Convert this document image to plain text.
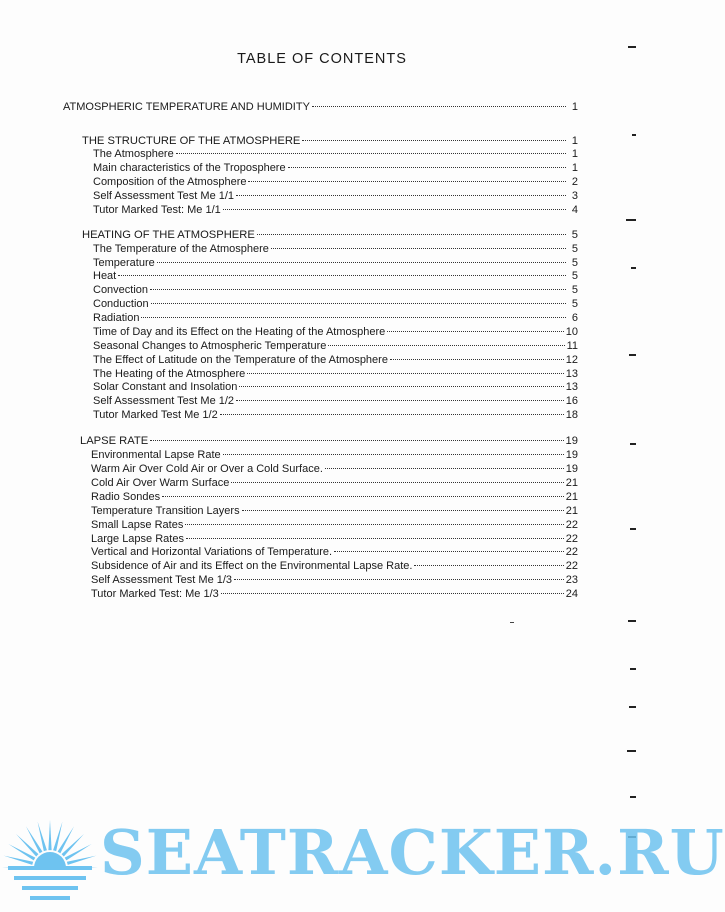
TABLE OF CONTENTS
ATMOSPHERIC TEMPERATURE AND HUMIDITY	1
THE STRUCTURE OF THE ATMOSPHERE	1
The Atmosphere	1
Main characteristics of the Troposphere	1
Composition of the Atmosphere	2
Self Assessment Test Me 1/1	3
Tutor Marked Test: Me 1/1	4
HEATING OF THE ATMOSPHERE	5
The Temperature of the Atmosphere	5
Temperature	5
Heat	5
Convection	5
Conduction	5
Radiation	6
Time of Day and its Effect on the Heating of the Atmosphere	10
Seasonal Changes to Atmospheric Temperature	11
The Effect of Latitude on the Temperature of the Atmosphere	12
The Heating of the Atmosphere	13
Solar Constant and Insolation	13
Self Assessment Test Me 1/2	16
Tutor Marked Test Me 1/2	18
LAPSE RATE	19
Environmental Lapse Rate	19
Warm Air Over Cold Air or Over a Cold Surface.	19
Cold Air Over Warm Surface	21
Radio Sondes	21
Temperature Transition Layers	21
Small Lapse Rates	22
Large Lapse Rates	22
Vertical and Horizontal Variations of Temperature.	22
Subsidence of Air and its Effect on the Environmental Lapse Rate.	22
Self Assessment Test Me 1/3	23
Tutor Marked Test: Me 1/3	24
SEATRACKER.RU
